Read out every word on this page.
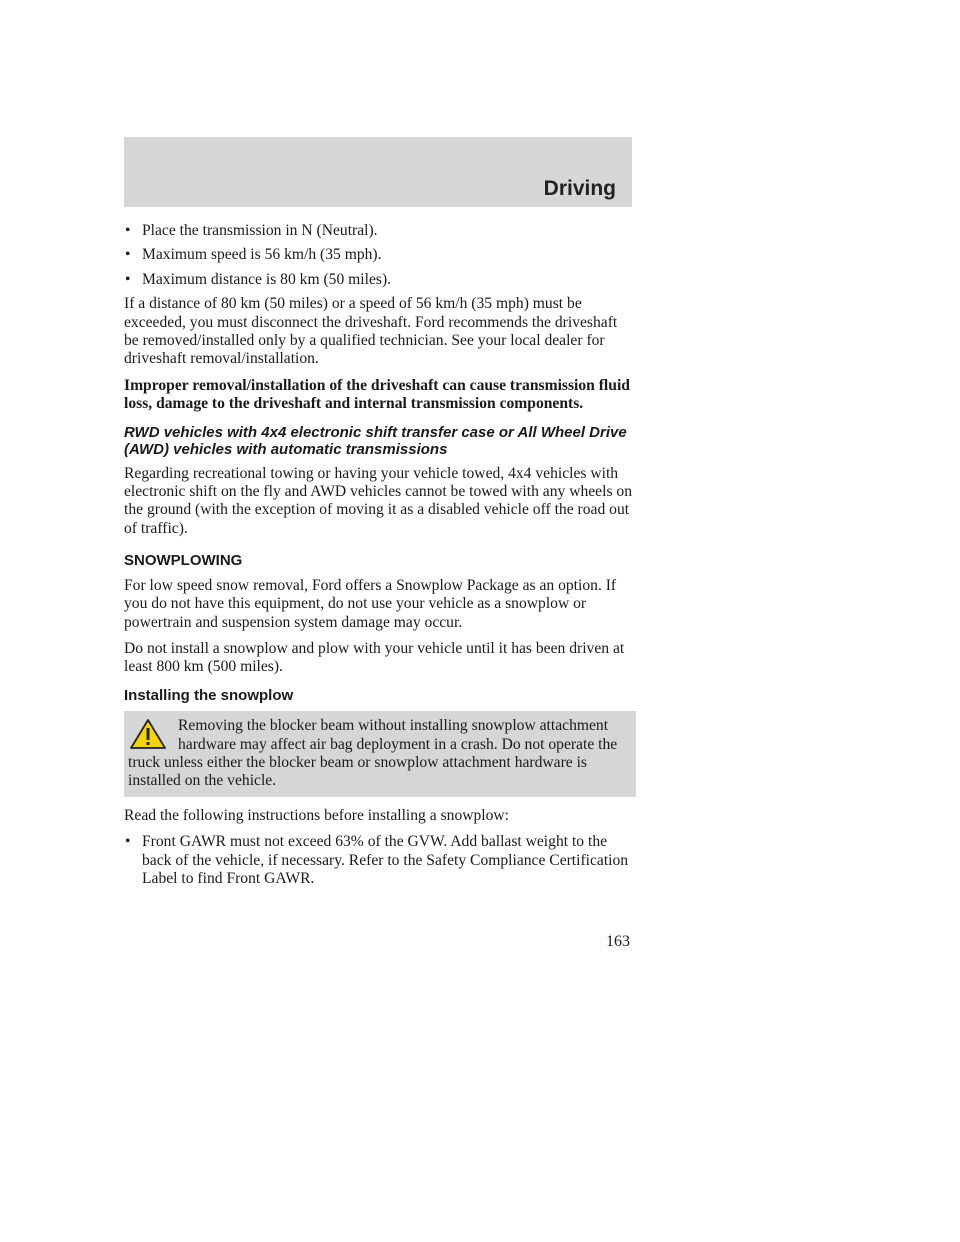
Driving
• Place the transmission in N (Neutral).
• Maximum speed is 56 km/h (35 mph).
• Maximum distance is 80 km (50 miles).

If a distance of 80 km (50 miles) or a speed of 56 km/h (35 mph) must be exceeded, you must disconnect the driveshaft. Ford recommends the driveshaft be removed/installed only by a qualified technician. See your local dealer for driveshaft removal/installation.

Improper removal/installation of the driveshaft can cause transmission fluid loss, damage to the driveshaft and internal transmission components.

RWD vehicles with 4x4 electronic shift transfer case or All Wheel Drive (AWD) vehicles with automatic transmissions

Regarding recreational towing or having your vehicle towed, 4x4 vehicles with electronic shift on the fly and AWD vehicles cannot be towed with any wheels on the ground (with the exception of moving it as a disabled vehicle off the road out of traffic).

SNOWPLOWING

For low speed snow removal, Ford offers a Snowplow Package as an option. If you do not have this equipment, do not use your vehicle as a snowplow or powertrain and suspension system damage may occur.

Do not install a snowplow and plow with your vehicle until it has been driven at least 800 km (500 miles).

Installing the snowplow

Removing the blocker beam without installing snowplow attachment hardware may affect air bag deployment in a crash. Do not operate the truck unless either the blocker beam or snowplow attachment hardware is installed on the vehicle.

Read the following instructions before installing a snowplow:

• Front GAWR must not exceed 63% of the GVW. Add ballast weight to the back of the vehicle, if necessary. Refer to the Safety Compliance Certification Label to find Front GAWR.
163
